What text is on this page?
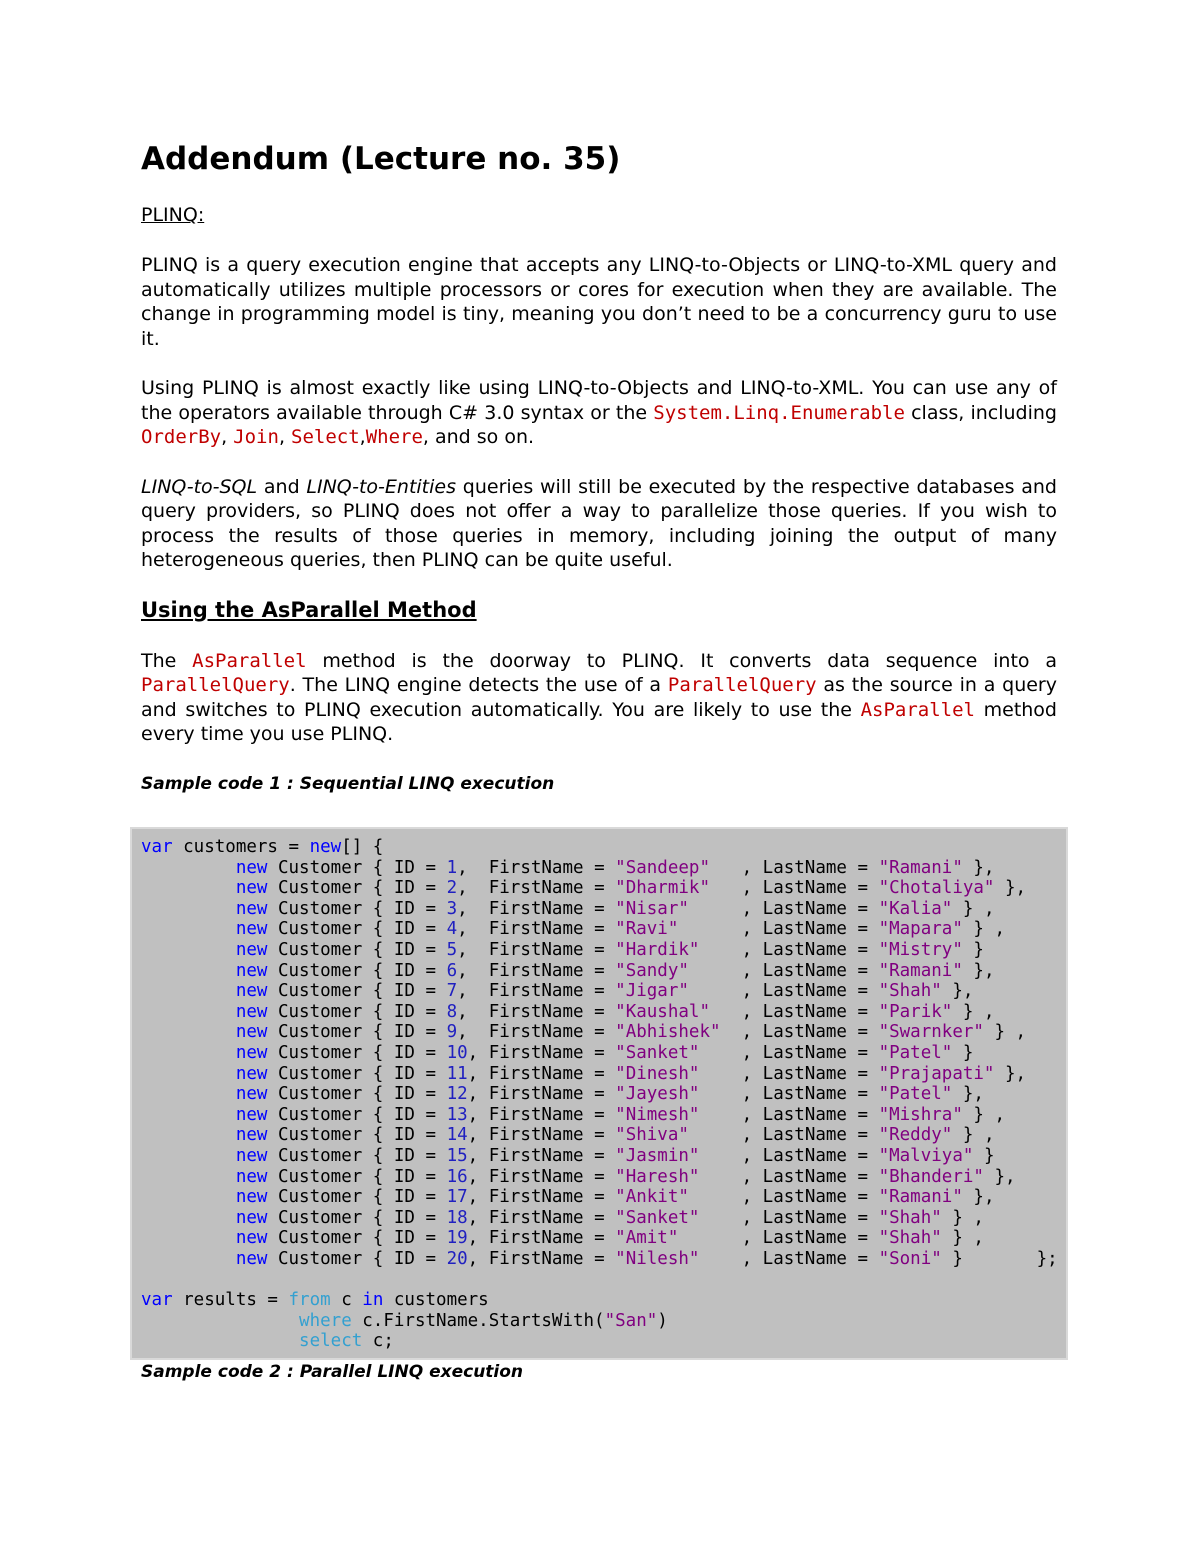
Addendum (Lecture no. 35)
PLINQ:

PLINQ is a query execution engine that accepts any LINQ-to-Objects or LINQ-to-XML query and automatically utilizes multiple processors or cores for execution when they are available. The change in programming model is tiny, meaning you don’t need to be a concurrency guru to use it.

Using PLINQ is almost exactly like using LINQ-to-Objects and LINQ-to-XML. You can use any of the operators available through C# 3.0 syntax or the System.Linq.Enumerable class, including OrderBy, Join, Select,Where, and so on.

LINQ-to-SQL and LINQ-to-Entities queries will still be executed by the respective databases and query providers, so PLINQ does not offer a way to parallelize those queries. If you wish to process the results of those queries in memory, including joining the output of many heterogeneous queries, then PLINQ can be quite useful.

Using the AsParallel Method

The AsParallel method is the doorway to PLINQ. It converts data sequence into a ParallelQuery. The LINQ engine detects the use of a ParallelQuery as the source in a query and switches to PLINQ execution automatically. You are likely to use the AsParallel method every time you use PLINQ.

Sample code 1 : Sequential LINQ execution
var customers = new[] {
new Customer { ID = 1,  FirstName = "Sandeep"   , LastName = "Ramani" },
new Customer { ID = 2,  FirstName = "Dharmik"   , LastName = "Chotaliya" },
new Customer { ID = 3,  FirstName = "Nisar"     , LastName = "Kalia" } ,
new Customer { ID = 4,  FirstName = "Ravi"      , LastName = "Mapara" } ,
new Customer { ID = 5,  FirstName = "Hardik"    , LastName = "Mistry" }
new Customer { ID = 6,  FirstName = "Sandy"     , LastName = "Ramani" },
new Customer { ID = 7,  FirstName = "Jigar"     , LastName = "Shah" },
new Customer { ID = 8,  FirstName = "Kaushal"   , LastName = "Parik" } ,
new Customer { ID = 9,  FirstName = "Abhishek"  , LastName = "Swarnker" } ,
new Customer { ID = 10, FirstName = "Sanket"    , LastName = "Patel" }
new Customer { ID = 11, FirstName = "Dinesh"    , LastName = "Prajapati" },
new Customer { ID = 12, FirstName = "Jayesh"    , LastName = "Patel" },
new Customer { ID = 13, FirstName = "Nimesh"    , LastName = "Mishra" } ,
new Customer { ID = 14, FirstName = "Shiva"     , LastName = "Reddy" } ,
new Customer { ID = 15, FirstName = "Jasmin"    , LastName = "Malviya" }
new Customer { ID = 16, FirstName = "Haresh"    , LastName = "Bhanderi" },
new Customer { ID = 17, FirstName = "Ankit"     , LastName = "Ramani" },
new Customer { ID = 18, FirstName = "Sanket"    , LastName = "Shah" } ,
new Customer { ID = 19, FirstName = "Amit"      , LastName = "Shah" } ,
new Customer { ID = 20, FirstName = "Nilesh"    , LastName = "Soni" }       };

var results = from c in customers
where c.FirstName.StartsWith("San")
select c;
Sample code 2 : Parallel LINQ execution
